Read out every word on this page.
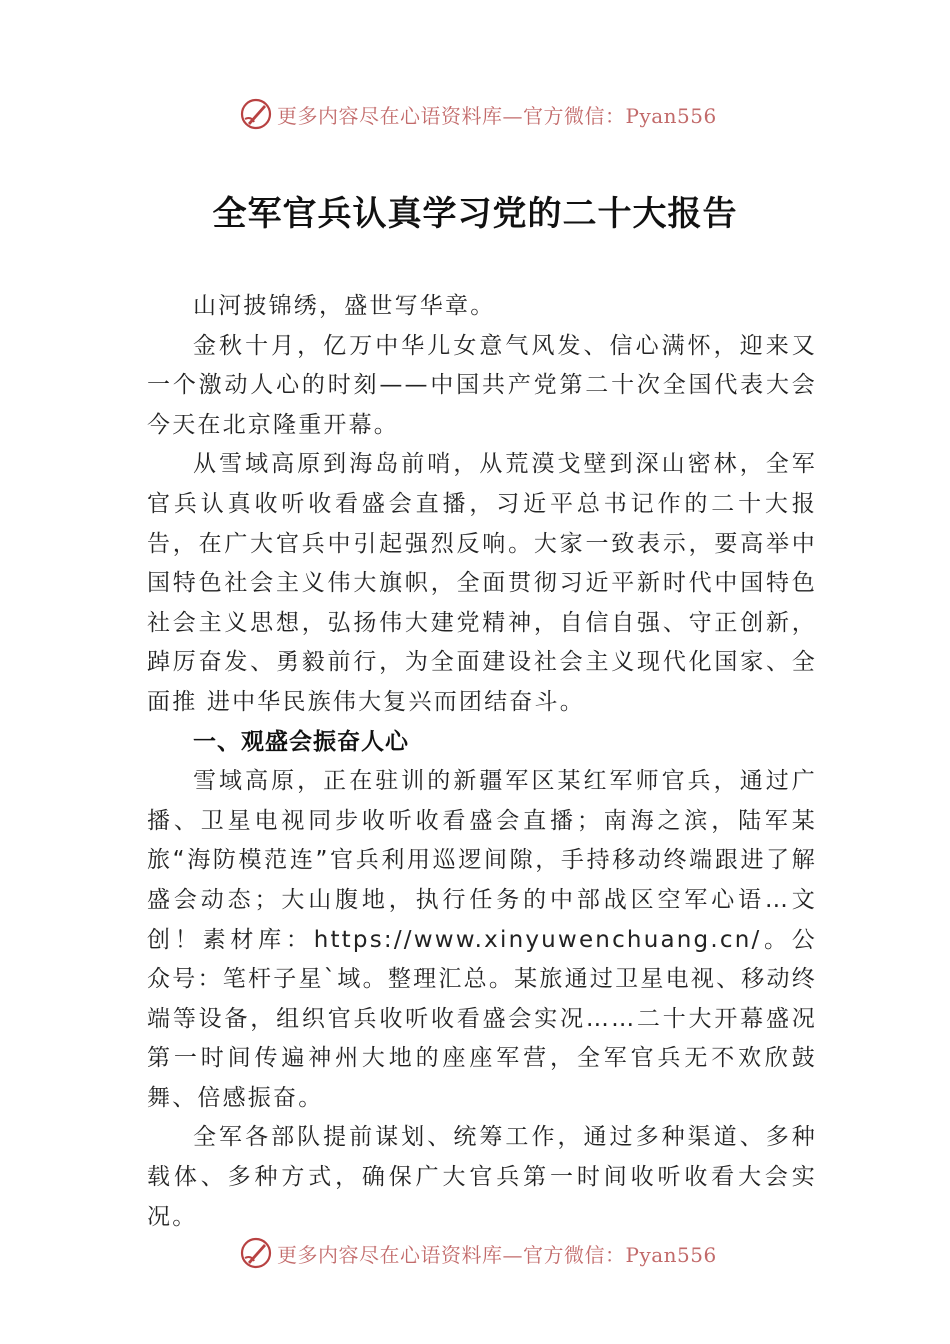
更多内容尽在心语资料库—官方微信：Pyan556
全军官兵认真学习党的二十大报告

山河披锦绣，盛世写华章。

金秋十月，亿万中华儿女意气风发、信心满怀，迎来又一个激动人心的时刻——中国共产党第二十次全国代表大会今天在北京隆重开幕。

从雪域高原到海岛前哨，从荒漠戈壁到深山密林，全军官兵认真收听收看盛会直播，习近平总书记作的二十大报告，在广大官兵中引起强烈反响。大家一致表示，要高举中国特色社会主义伟大旗帜，全面贯彻习近平新时代中国特色社会主义思想，弘扬伟大建党精神，自信自强、守正创新，踔厉奋发、勇毅前行，为全面建设社会主义现代化国家、全面推 进中华民族伟大复兴而团结奋斗。

一、观盛会振奋人心

雪域高原，正在驻训的新疆军区某红军师官兵，通过广播、卫星电视同步收听收看盛会直播；南海之滨，陆军某旅“海防模范连”官兵利用巡逻间隙，手持移动终端跟进了解盛会动态；大山腹地，执行任务的中部战区空军心语…文创！素材库：https://www.xinyuwenchuang.cn/。公众号：笔杆子星`域。整理汇总。某旅通过卫星电视、移动终端等设备，组织官兵收听收看盛会实况……二十大开幕盛况第一时间传遍神州大地的座座军营，全军官兵无不欢欣鼓舞、倍感振奋。

全军各部队提前谋划、统筹工作，通过多种渠道、多种载体、多种方式，确保广大官兵第一时间收听收看大会实况。

更多内容尽在心语资料库—官方微信：Pyan556
